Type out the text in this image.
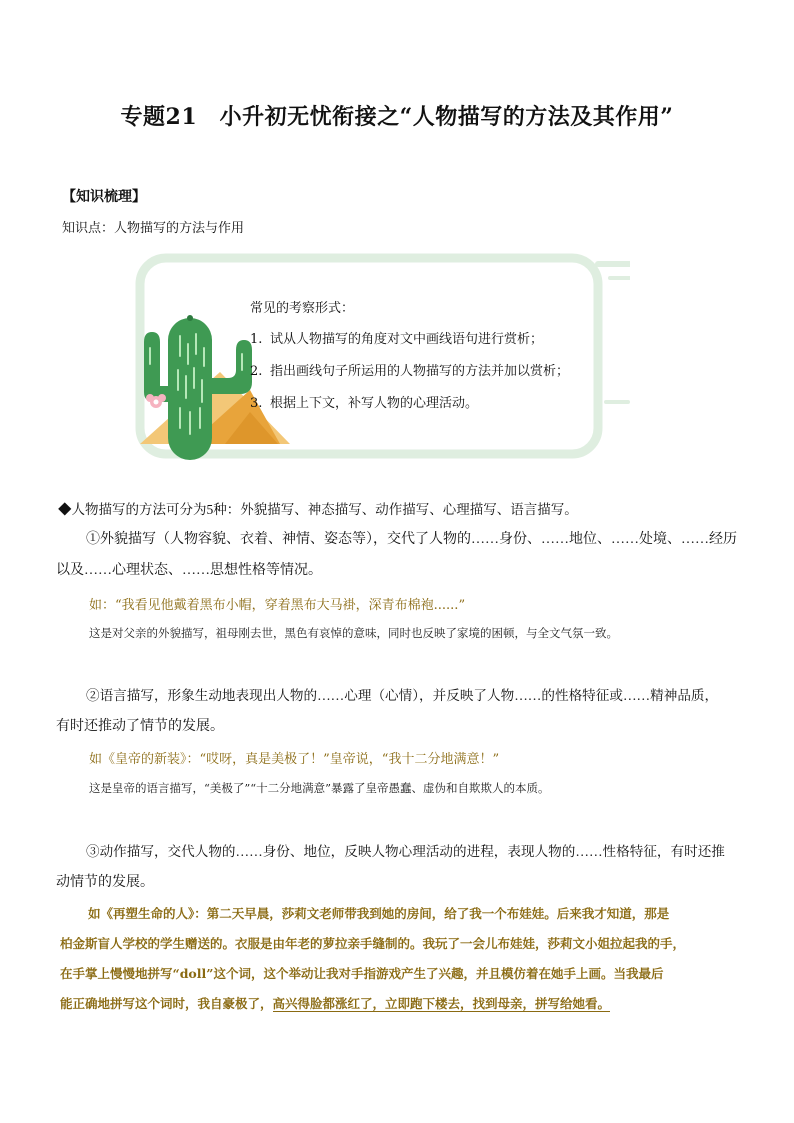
专题21　小升初无忧衔接之“人物描写的方法及其作用”
【知识梳理】
知识点：人物描写的方法与作用
常见的考察形式：
1. 试从人物描写的角度对文中画线语句进行赏析；
2. 指出画线句子所运用的人物描写的方法并加以赏析；
3. 根据上下文，补写人物的心理活动。
◆人物描写的方法可分为5种：外貌描写、神态描写、动作描写、心理描写、语言描写。
①外貌描写（人物容貌、衣着、神情、姿态等），交代了人物的……身份、……地位、……处境、……经历
以及……心理状态、……思想性格等情况。
如：“我看见他戴着黑布小帽，穿着黑布大马褂，深青布棉袍......”
这是对父亲的外貌描写，祖母刚去世，黑色有哀悼的意味，同时也反映了家境的困顿，与全文气氛一致。
②语言描写，形象生动地表现出人物的……心理（心情），并反映了人物……的性格特征或……精神品质，
有时还推动了情节的发展。
如《皇帝的新装》：“哎呀，真是美极了！”皇帝说，“我十二分地满意！”
这是皇帝的语言描写，“美极了”“十二分地满意”暴露了皇帝愚蠢、虚伪和自欺欺人的本质。
③动作描写，交代人物的……身份、地位，反映人物心理活动的进程，表现人物的……性格特征，有时还推
动情节的发展。
如《再塑生命的人》：第二天早晨，莎莉文老师带我到她的房间，给了我一个布娃娃。后来我才知道，那是
柏金斯盲人学校的学生赠送的。衣服是由年老的萝拉亲手缝制的。我玩了一会儿布娃娃，莎莉文小姐拉起我的手，
在手掌上慢慢地拼写“doll”这个词，这个举动让我对手指游戏产生了兴趣，并且模仿着在她手上画。当我最后
能正确地拼写这个词时，我自豪极了，高兴得脸都涨红了，立即跑下楼去，找到母亲，拼写给她看。
